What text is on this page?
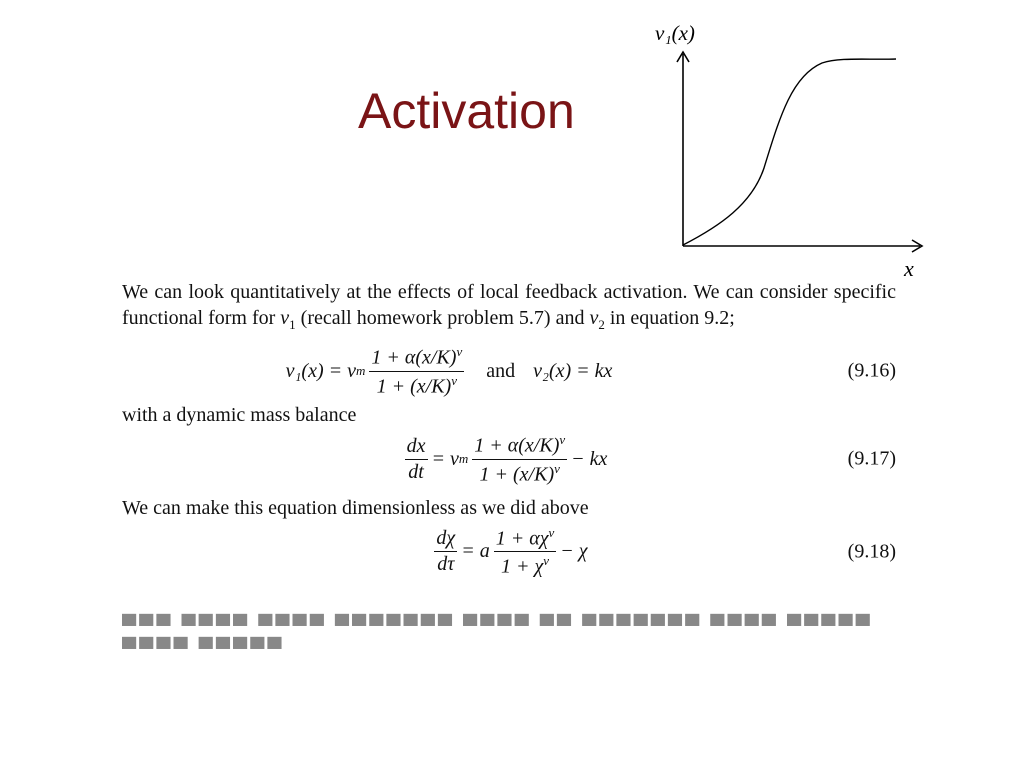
Activation
v₁(x)
x

We can look quantitatively at the effects of local feedback activation. We can consider specific functional form for $v_1$ (recall homework problem 5.7) and $v_2$ in equation 9.2;

v₁(x) = v m $\frac{1 + \alpha(x/K)^\nu}{1 + (x/K)^\nu}$ and v₂(x) = kx	(9.16)

with a dynamic mass balance

$\frac{dx}{dt} = v$ m $\frac{1 + \alpha(x/K)^\nu}{1 + (x/K)^\nu}$ − kx	(9.17)

We can make this equation dimensionless as we did above

$\frac{d\chi}{d\tau} = a \frac{1 + \alpha\chi^\nu}{1 + \chi^\nu} - \chi$	(9.18)
▀▀▀ ▀▀▀▀ ▀▀▀▀ ▀▀▀▀▀▀▀ ▀▀▀▀ ▀▀ ▀▀▀▀▀▀▀ ▀▀▀▀ ▀▀▀▀▀ ▀▀▀▀ ▀▀▀▀▀
